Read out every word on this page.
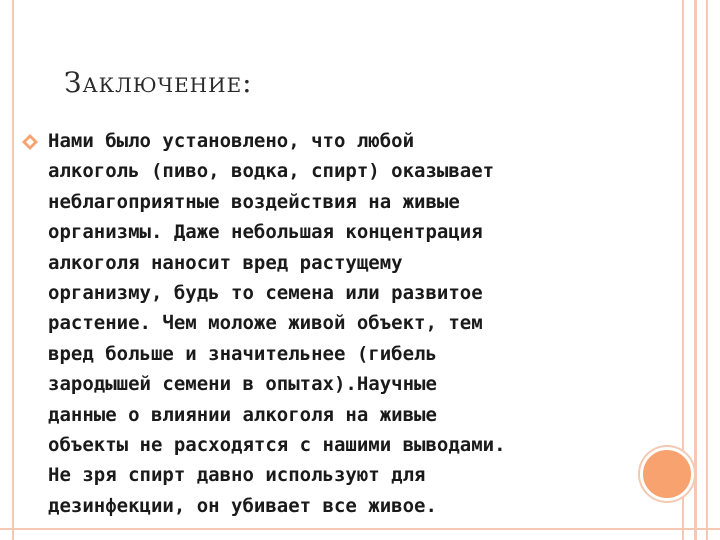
Заключение:

Нами было установлено, что любой
алкоголь (пиво, водка, спирт) оказывает
неблагоприятные воздействия на живые
организмы. Даже небольшая концентрация
алкоголя наносит вред растущему
организму, будь то семена или развитое
растение. Чем моложе живой объект, тем
вред больше и значительнее (гибель
зародышей семени в опытах).Научные
данные о влиянии алкоголя на живые
объекты не расходятся с нашими выводами.
Не зря спирт давно используют для
дезинфекции, он убивает все живое.
